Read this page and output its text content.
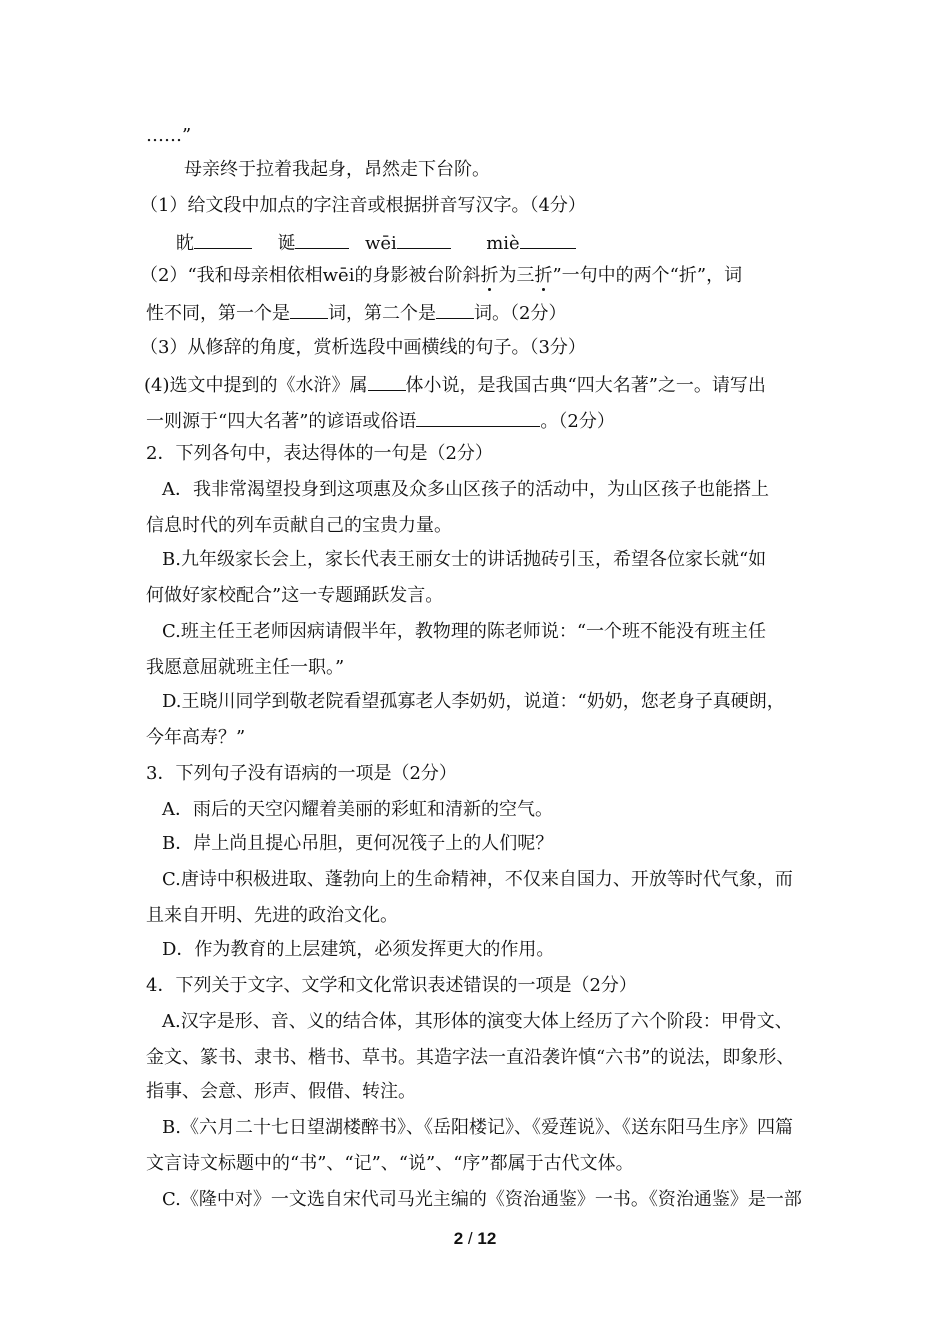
……”
母亲终于拉着我起身，昂然走下台阶。
（1）给文段中加点的字注音或根据拼音写汉字。（4分）
眈	诞	wēi	miè
（2）“我和母亲相依相wēi的身影被台阶斜折为三折”一句中的两个“折”，词
性不同，第一个是 词，第二个是 词。（2分）
（3）从修辞的角度，赏析选段中画横线的句子。（3分）
(4)选文中提到的《水浒》属 体小说，是我国古典“四大名著”之一。请写出
一则源于“四大名著”的谚语或俗语	。（2分）
2．下列各句中，表达得体的一句是（2分）
A．我非常渴望投身到这项惠及众多山区孩子的活动中，为山区孩子也能搭上
信息时代的列车贡献自己的宝贵力量。
B.九年级家长会上，家长代表王丽女士的讲话抛砖引玉，希望各位家长就“如
何做好家校配合”这一专题踊跃发言。
C.班主任王老师因病请假半年，教物理的陈老师说：“一个班不能没有班主任
我愿意屈就班主任一职。”
D.王晓川同学到敬老院看望孤寡老人李奶奶，说道：“奶奶，您老身子真硬朗，
今年高寿？”
3．下列句子没有语病的一项是（2分）
A．雨后的天空闪耀着美丽的彩虹和清新的空气。
B．岸上尚且提心吊胆，更何况筏子上的人们呢？
C.唐诗中积极进取、蓬勃向上的生命精神，不仅来自国力、开放等时代气象，而
且来自开明、先进的政治文化。
D．作为教育的上层建筑，必须发挥更大的作用。
4．下列关于文字、文学和文化常识表述错误的一项是（2分）
A.汉字是形、音、义的结合体，其形体的演变大体上经历了六个阶段：甲骨文、
金文、篆书、隶书、楷书、草书。其造字法一直沿袭许慎“六书”的说法，即象形、
指事、会意、形声、假借、转注。
B.《六月二十七日望湖楼醉书》、《岳阳楼记》、《爱莲说》、《送东阳马生序》四篇
文言诗文标题中的“书”、“记”、“说”、“序”都属于古代文体。
C.《隆中对》一文选自宋代司马光主编的《资治通鉴》一书。《资治通鉴》是一部
2 / 12
